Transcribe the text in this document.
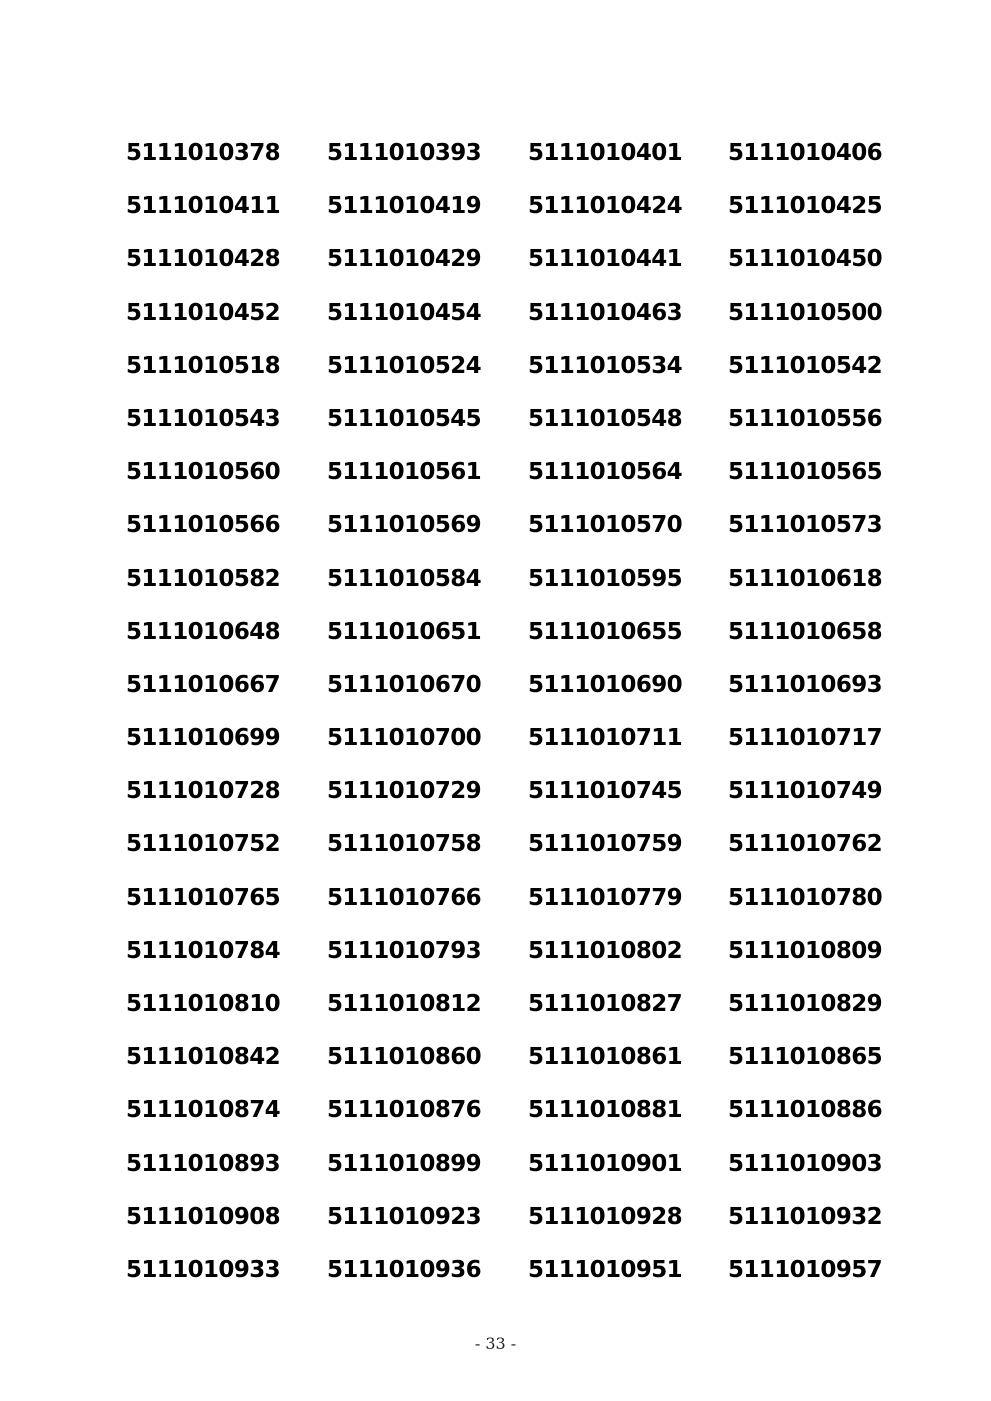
5111010378	5111010393	5111010401	5111010406
5111010411	5111010419	5111010424	5111010425
5111010428	5111010429	5111010441	5111010450
5111010452	5111010454	5111010463	5111010500
5111010518	5111010524	5111010534	5111010542
5111010543	5111010545	5111010548	5111010556
5111010560	5111010561	5111010564	5111010565
5111010566	5111010569	5111010570	5111010573
5111010582	5111010584	5111010595	5111010618
5111010648	5111010651	5111010655	5111010658
5111010667	5111010670	5111010690	5111010693
5111010699	5111010700	5111010711	5111010717
5111010728	5111010729	5111010745	5111010749
5111010752	5111010758	5111010759	5111010762
5111010765	5111010766	5111010779	5111010780
5111010784	5111010793	5111010802	5111010809
5111010810	5111010812	5111010827	5111010829
5111010842	5111010860	5111010861	5111010865
5111010874	5111010876	5111010881	5111010886
5111010893	5111010899	5111010901	5111010903
5111010908	5111010923	5111010928	5111010932
5111010933	5111010936	5111010951	5111010957
- 33 -
